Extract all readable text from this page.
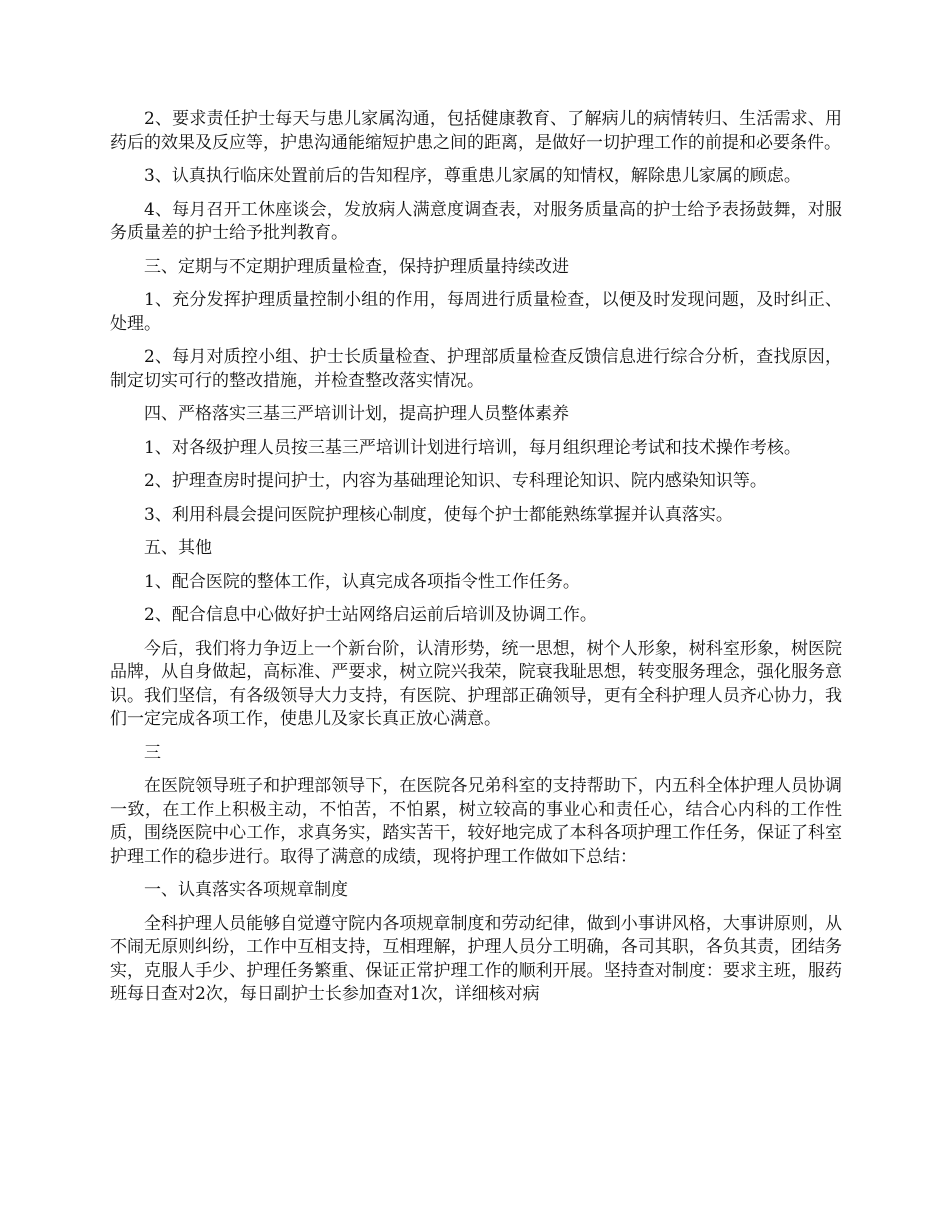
2、要求责任护士每天与患儿家属沟通，包括健康教育、了解病儿的病情转归、生活需求、用药后的效果及反应等，护患沟通能缩短护患之间的距离，是做好一切护理工作的前提和必要条件。

3、认真执行临床处置前后的告知程序，尊重患儿家属的知情权，解除患儿家属的顾虑。

4、每月召开工休座谈会，发放病人满意度调查表，对服务质量高的护士给予表扬鼓舞，对服务质量差的护士给予批判教育。

三、定期与不定期护理质量检查，保持护理质量持续改进

1、充分发挥护理质量控制小组的作用，每周进行质量检查，以便及时发现问题，及时纠正、处理。

2、每月对质控小组、护士长质量检查、护理部质量检查反馈信息进行综合分析，查找原因，制定切实可行的整改措施，并检查整改落实情况。

四、严格落实三基三严培训计划，提高护理人员整体素养

1、对各级护理人员按三基三严培训计划进行培训，每月组织理论考试和技术操作考核。

2、护理查房时提问护士，内容为基础理论知识、专科理论知识、院内感染知识等。

3、利用科晨会提问医院护理核心制度，使每个护士都能熟练掌握并认真落实。

五、其他

1、配合医院的整体工作，认真完成各项指令性工作任务。

2、配合信息中心做好护士站网络启运前后培训及协调工作。

今后，我们将力争迈上一个新台阶，认清形势，统一思想，树个人形象，树科室形象，树医院品牌，从自身做起，高标准、严要求，树立院兴我荣，院衰我耻思想，转变服务理念，强化服务意识。我们坚信，有各级领导大力支持，有医院、护理部正确领导，更有全科护理人员齐心协力，我们一定完成各项工作，使患儿及家长真正放心满意。

三

在医院领导班子和护理部领导下，在医院各兄弟科室的支持帮助下，内五科全体护理人员协调一致，在工作上积极主动，不怕苦，不怕累，树立较高的事业心和责任心，结合心内科的工作性质，围绕医院中心工作，求真务实，踏实苦干，较好地完成了本科各项护理工作任务，保证了科室护理工作的稳步进行。取得了满意的成绩，现将护理工作做如下总结：

一、认真落实各项规章制度

全科护理人员能够自觉遵守院内各项规章制度和劳动纪律，做到小事讲风格，大事讲原则，从不闹无原则纠纷，工作中互相支持，互相理解，护理人员分工明确，各司其职，各负其责，团结务实，克服人手少、护理任务繁重、保证正常护理工作的顺利开展。坚持查对制度：要求主班，服药班每日查对2次，每日副护士长参加查对1次，详细核对病
